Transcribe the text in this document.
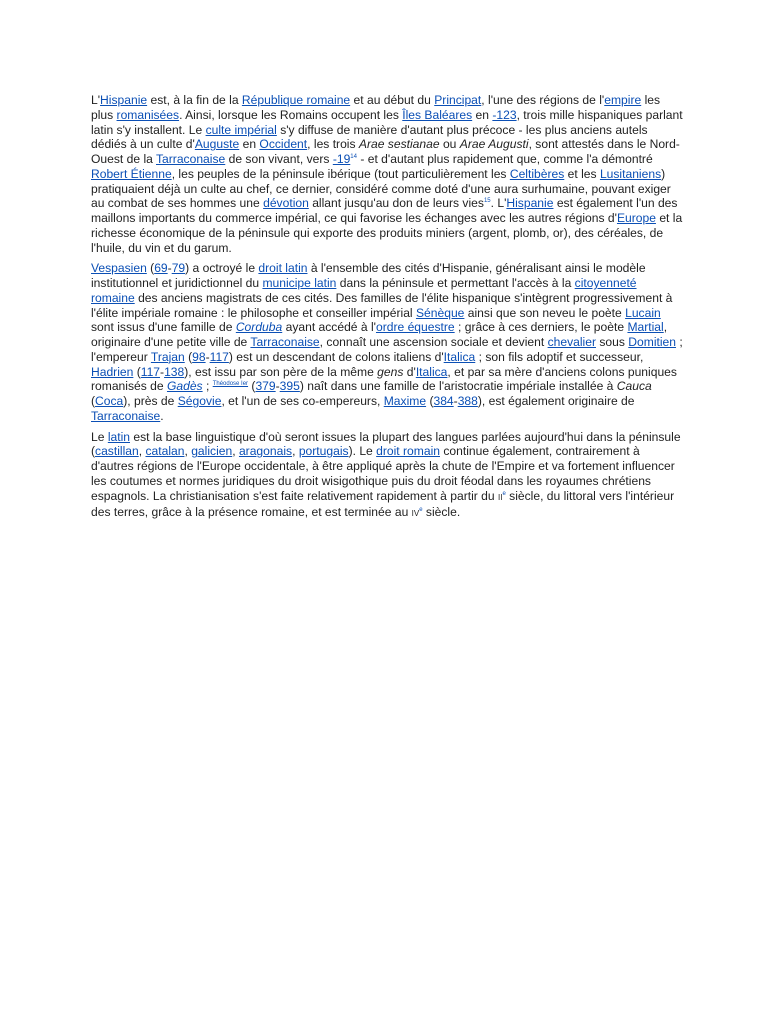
L'Hispanie est, à la fin de la République romaine et au début du Principat, l'une des régions de l'empire les plus romanisées. Ainsi, lorsque les Romains occupent les Îles Baléares en -123, trois mille hispaniques parlant latin s'y installent. Le culte impérial s'y diffuse de manière d'autant plus précoce - les plus anciens autels dédiés à un culte d'Auguste en Occident, les trois Arae sestianae ou Arae Augusti, sont attestés dans le Nord-Ouest de la Tarraconaise de son vivant, vers -19$^{14}$ - et d'autant plus rapidement que, comme l'a démontré Robert Étienne, les peuples de la péninsule ibérique (tout particulièrement les Celtibères et les Lusitaniens) pratiquaient déjà un culte au chef, ce dernier, considéré comme doté d'une aura surhumaine, pouvant exiger au combat de ses hommes une dévotion allant jusqu'au don de leurs vies$^{15}$. L'Hispanie est également l'un des maillons importants du commerce impérial, ce qui favorise les échanges avec les autres régions d'Europe et la richesse économique de la péninsule qui exporte des produits miniers (argent, plomb, or), des céréales, de l'huile, du vin et du garum.

Vespasien (69-79) a octroyé le droit latin à l'ensemble des cités d'Hispanie, généralisant ainsi le modèle institutionnel et juridictionnel du municipe latin dans la péninsule et permettant l'accès à la citoyenneté romaine des anciens magistrats de ces cités. Des familles de l'élite hispanique s'intègrent progressivement à l'élite impériale romaine : le philosophe et conseiller impérial Sénèque ainsi que son neveu le poète Lucain sont issus d'une famille de Corduba ayant accédé à l'ordre équestre ; grâce à ces derniers, le poète Martial, originaire d'une petite ville de Tarraconaise, connaît une ascension sociale et devient chevalier sous Domitien ; l'empereur Trajan (98-117) est un descendant de colons italiens d'Italica ; son fils adoptif et successeur, Hadrien (117-138), est issu par son père de la même gens d'Italica, et par sa mère d'anciens colons puniques romanisés de Gadès ; $^{Théodose Ier}$ (379-395) naît dans une famille de l'aristocratie impériale installée à Cauca (Coca), près de Ségovie, et l'un de ses co-empereurs, Maxime (384-388), est également originaire de Tarraconaise.

Le latin est la base linguistique d'où seront issues la plupart des langues parlées aujourd'hui dans la péninsule (castillan, catalan, galicien, aragonais, portugais). Le droit romain continue également, contrairement à d'autres régions de l'Europe occidentale, à être appliqué après la chute de l'Empire et va fortement influencer les coutumes et normes juridiques du droit wisigothique puis du droit féodal dans les royaumes chrétiens espagnols. La christianisation s'est faite relativement rapidement à partir du IIe siècle, du littoral vers l'intérieur des terres, grâce à la présence romaine, et est terminée au IVe siècle.
